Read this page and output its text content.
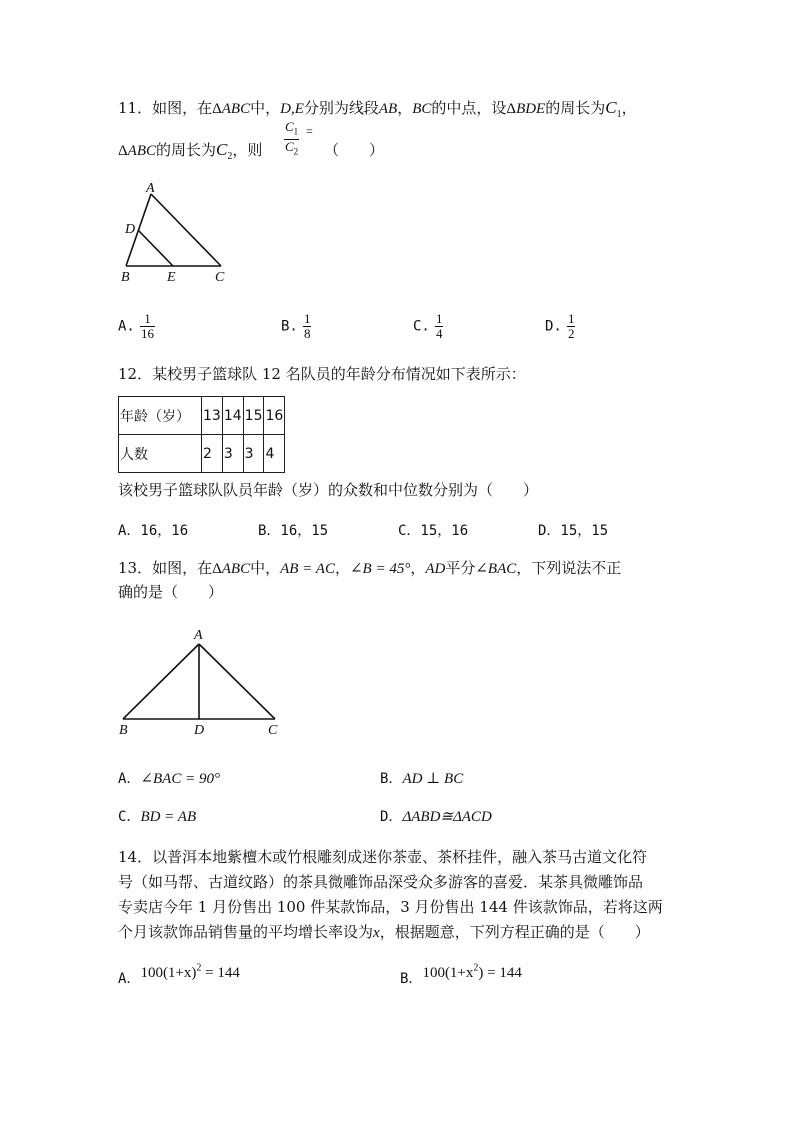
11．如图，在ΔABC中，D,E分别为线段AB，BC的中点，设ΔBDE的周长为$C_1$，
ΔABC的周长为$C_2$，则 $\frac{C_1}{C_2}$ =
（　　）
A
D
B	E	C
A. $\frac{1}{16}$	B. $\frac{1}{8}$	C. $\frac{1}{4}$	D. $\frac{1}{2}$
12．某校男子篮球队 12 名队员的年龄分布情况如下表所示：
年龄（岁）	13	14	15	16
人数	2	3	3	4
该校男子篮球队队员年龄（岁）的众数和中位数分别为（　　）
A．16，16	B．16，15	C．15，16	D．15，15
13．如图，在ΔABC中，AB = AC，∠B = 45°，AD平分∠BAC，下列说法不正
确的是（　　）
A
B	D	C
A．∠BAC = 90°	B．AD ⊥ BC
C．BD = AB	D．ΔABD≅ΔACD
14．以普洱本地紫檀木或竹根雕刻成迷你茶壶、茶杯挂件，融入茶马古道文化符
号（如马帮、古道纹路）的茶具微雕饰品深受众多游客的喜爱．某茶具微雕饰品
专卖店今年 1 月份售出 100 件某款饰品，3 月份售出 144 件该款饰品，若将这两
个月该款饰品销售量的平均增长率设为x，根据题意，下列方程正确的是（　　）
A．$100(1+x)^2 = 144$	B．$100(1+x^2) = 144$
